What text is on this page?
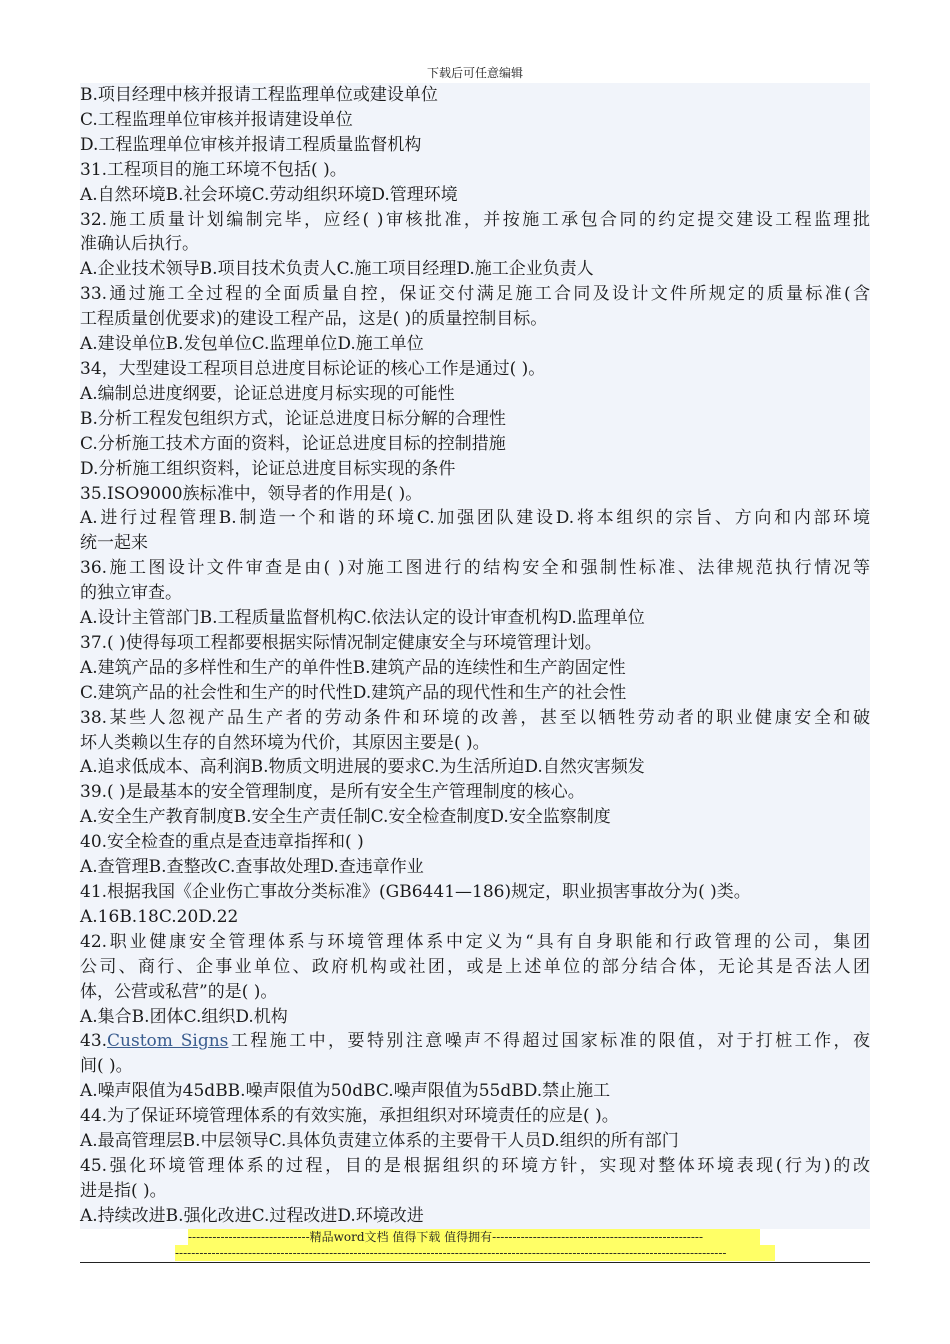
下载后可任意编辑
B.项目经理中核并报请工程监理单位或建设单位
C.工程监理单位审核并报请建设单位
D.工程监理单位审核并报请工程质量监督机构
31.工程项目的施工环境不包括( )。
A.自然环境B.社会环境C.劳动组织环境D.管理环境
32.施工质量计划编制完毕，应经( )审核批准，并按施工承包合同的约定提交建设工程监理批
准确认后执行。
A.企业技术领导B.项目技术负责人C.施工项目经理D.施工企业负责人
33.通过施工全过程的全面质量自控，保证交付满足施工合同及设计文件所规定的质量标准(含
工程质量创优要求)的建设工程产品，这是( )的质量控制目标。
A.建设单位B.发包单位C.监理单位D.施工单位
34，大型建设工程项目总进度目标论证的核心工作是通过( )。
A.编制总进度纲要，论证总进度月标实现的可能性
B.分析工程发包组织方式，论证总进度日标分解的合理性
C.分析施工技术方面的资料，论证总进度目标的控制措施
D.分析施工组织资料，论证总进度目标实现的条件
35.ISO9000族标准中，领导者的作用是( )。
A.进行过程管理B.制造一个和谐的环境C.加强团队建设D.将本组织的宗旨、方向和内部环境
统一起来
36.施工图设计文件审查是由( )对施工图进行的结构安全和强制性标准、法律规范执行情况等
的独立审查。
A.设计主管部门B.工程质量监督机构C.依法认定的设计审查机构D.监理单位
37.( )使得每项工程都要根据实际情况制定健康安全与环境管理计划。
A.建筑产品的多样性和生产的单件性B.建筑产品的连续性和生产韵固定性
C.建筑产品的社会性和生产的时代性D.建筑产品的现代性和生产的社会性
38.某些人忽视产品生产者的劳动条件和环境的改善，甚至以牺牲劳动者的职业健康安全和破
坏人类赖以生存的自然环境为代价，其原因主要是( )。
A.追求低成本、高利润B.物质文明进展的要求C.为生活所迫D.自然灾害频发
39.( )是最基本的安全管理制度，是所有安全生产管理制度的核心。
A.安全生产教育制度B.安全生产责任制C.安全检查制度D.安全监察制度
40.安全检查的重点是查违章指挥和( )
A.查管理B.查整改C.查事故处理D.查违章作业
41.根据我国《企业伤亡事故分类标准》(GB6441—186)规定，职业损害事故分为( )类。
A.16B.18C.20D.22
42.职业健康安全管理体系与环境管理体系中定义为“具有自身职能和行政管理的公司，集团
公司、商行、企事业单位、政府机构或社团，或是上述单位的部分结合体，无论其是否法人团
体，公营或私营”的是( )。
A.集合B.团体C.组织D.机构
43.Custom Signs工程施工中，要特别注意噪声不得超过国家标准的限值，对于打桩工作，夜
间( )。
A.噪声限值为45dBB.噪声限值为50dBC.噪声限值为55dBD.禁止施工
44.为了保证环境管理体系的有效实施，承担组织对环境责任的应是( )。
A.最高管理层B.中层领导C.具体负责建立体系的主要骨干人员D.组织的所有部门
45.强化环境管理体系的过程，目的是根据组织的环境方针，实现对整体环境表现(行为)的改
进是指( )。
A.持续改进B.强化改进C.过程改进D.环境改进
------------------------------精品word文档 值得下载 值得拥有----------------------------------------------------
----------------------------------------------------------------------------------------------------------------------------------------
